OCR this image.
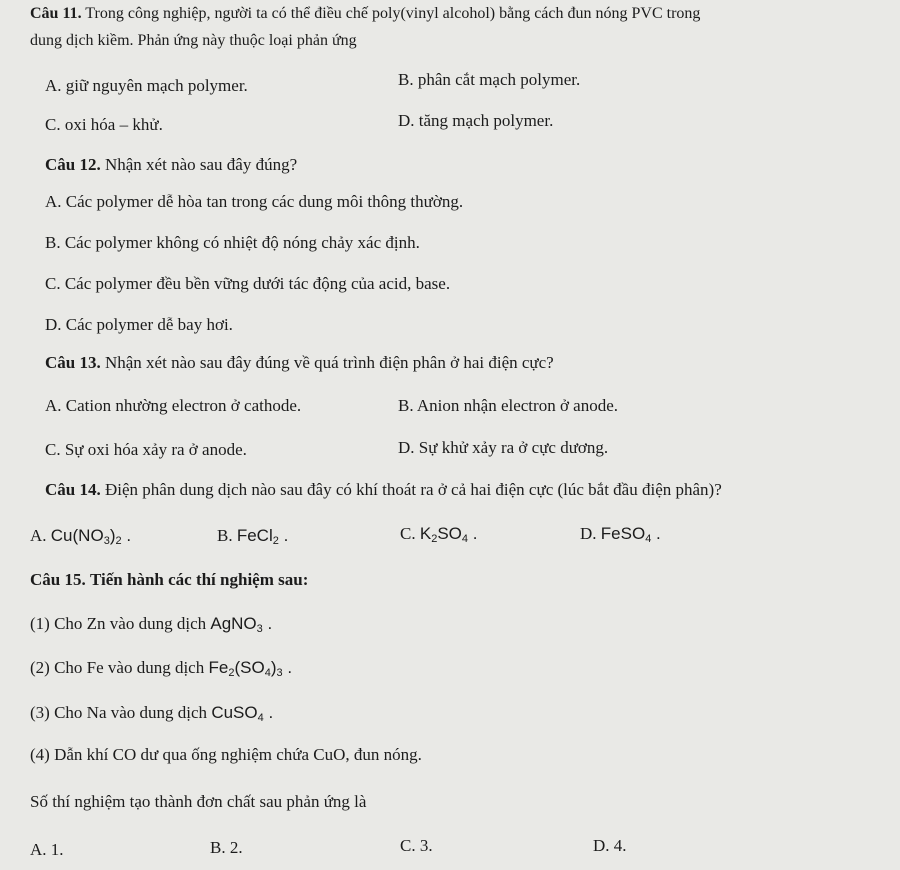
Câu 11. Trong công nghiệp, người ta có thể điều chế poly(vinyl alcohol) bằng cách đun nóng PVC trong
dung dịch kiềm. Phản ứng này thuộc loại phản ứng
A. giữ nguyên mạch polymer.	B. phân cắt mạch polymer.
C. oxi hóa – khử.	D. tăng mạch polymer.
Câu 12. Nhận xét nào sau đây đúng?
A. Các polymer dễ hòa tan trong các dung môi thông thường.
B. Các polymer không có nhiệt độ nóng chảy xác định.
C. Các polymer đều bền vững dưới tác động của acid, base.
D. Các polymer dễ bay hơi.
Câu 13. Nhận xét nào sau đây đúng về quá trình điện phân ở hai điện cực?
A. Cation nhường electron ở cathode.	B. Anion nhận electron ở anode.
C. Sự oxi hóa xảy ra ở anode.	D. Sự khử xảy ra ở cực dương.
Câu 14. Điện phân dung dịch nào sau đây có khí thoát ra ở cả hai điện cực (lúc bắt đầu điện phân)?
A. $Cu(NO_3)_2$ .	B. FeCl$_2$ .	C. $K_2SO_4$ .	D. FeSO$_4$ .
Câu 15. Tiến hành các thí nghiệm sau:
(1) Cho Zn vào dung dịch AgNO$_3$ .
(2) Cho Fe vào dung dịch $Fe_2(SO_4)_3$ .
(3) Cho Na vào dung dịch CuSO$_4$ .
(4) Dẫn khí CO dư qua ống nghiệm chứa CuO, đun nóng.
Số thí nghiệm tạo thành đơn chất sau phản ứng là
A. 1.	B. 2.	C. 3.	D. 4.
